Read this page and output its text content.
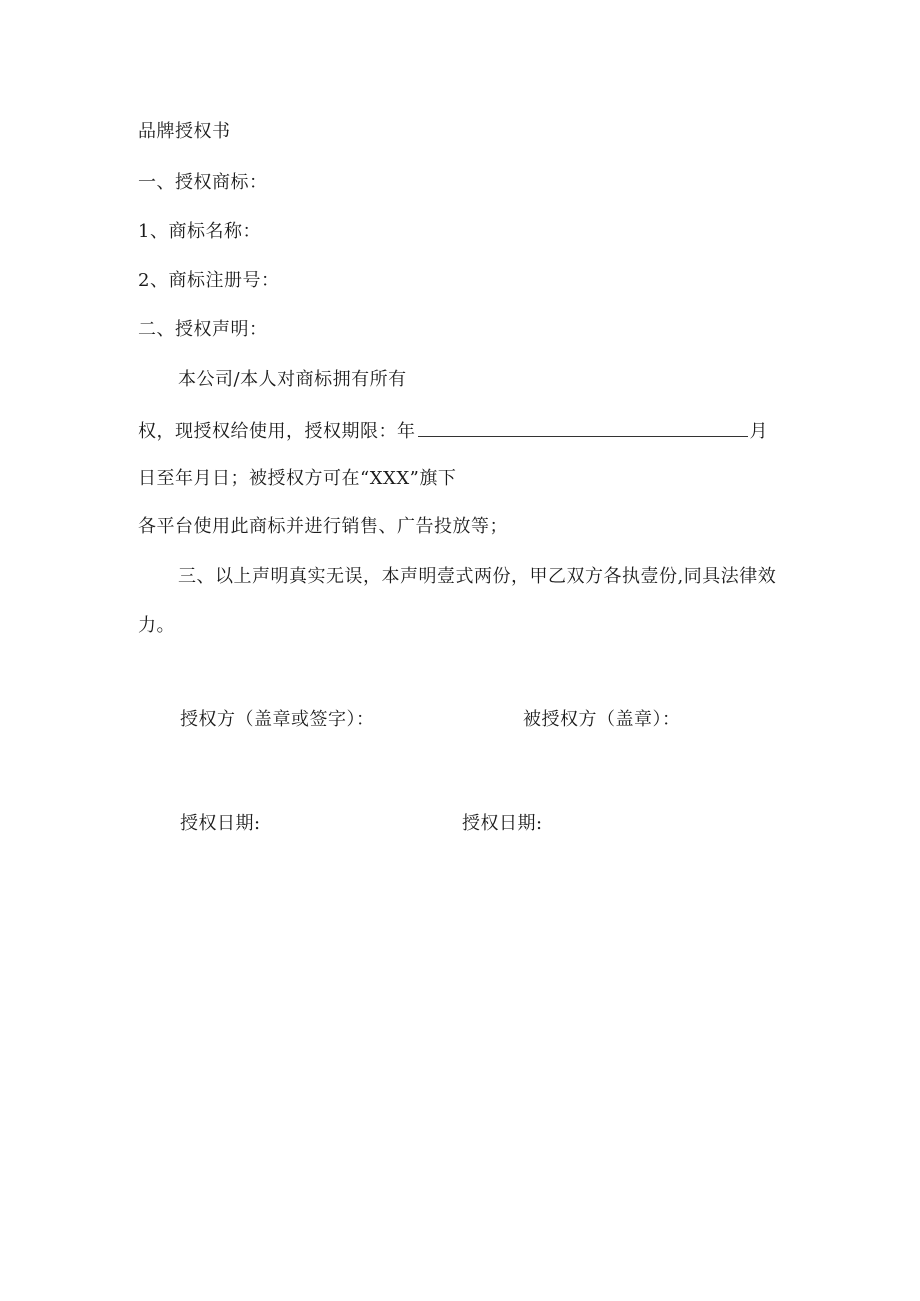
品牌授权书
一、授权商标：
1、商标名称：
2、商标注册号：
二、授权声明：
本公司/本人对商标拥有所有
权，现授权给使用，授权期限：年	月
日至年月日；被授权方可在“XXX”旗下
各平台使用此商标并进行销售、广告投放等；
三、以上声明真实无误，本声明壹式两份，甲乙双方各执壹份,同具法律效
力。
授权方（盖章或签字）：	被授权方（盖章）：
授权日期:	授权日期:
